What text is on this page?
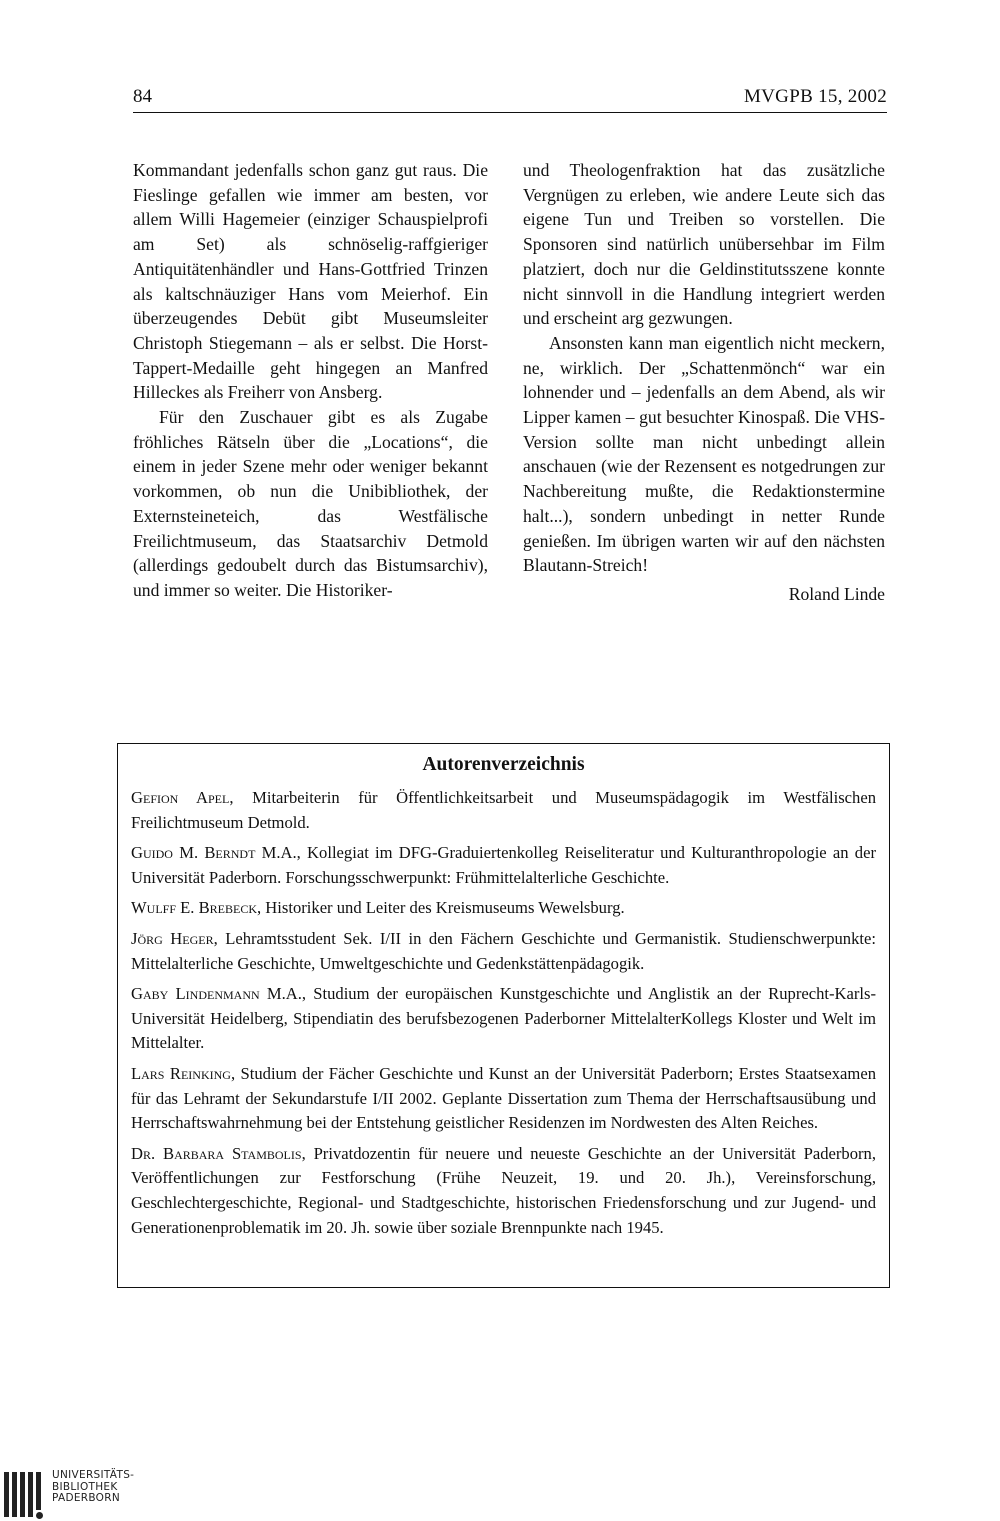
84	MVGPB 15, 2002

Kommandant jedenfalls schon ganz gut raus. Die Fieslinge gefallen wie immer am besten, vor allem Willi Hagemeier (einziger Schauspielprofi am Set) als schnöselig-raffgieriger Antiquitätenhändler und Hans-Gottfried Trinzen als kaltschnäuziger Hans vom Meierhof. Ein überzeugendes Debüt gibt Museumsleiter Christoph Stiegemann – als er selbst. Die Horst-Tappert-Medaille geht hingegen an Manfred Hilleckes als Freiherr von Ansberg.

Für den Zuschauer gibt es als Zugabe fröhliches Rätseln über die „Locations“, die einem in jeder Szene mehr oder weniger bekannt vorkommen, ob nun die Unibibliothek, der Externsteineteich, das Westfälische Freilichtmuseum, das Staatsarchiv Detmold (allerdings gedoubelt durch das Bistumsarchiv), und immer so weiter. Die Historiker-

und Theologenfraktion hat das zusätzliche Vergnügen zu erleben, wie andere Leute sich das eigene Tun und Treiben so vorstellen. Die Sponsoren sind natürlich unübersehbar im Film platziert, doch nur die Geldinstitutsszene konnte nicht sinnvoll in die Handlung integriert werden und erscheint arg gezwungen.

Ansonsten kann man eigentlich nicht meckern, ne, wirklich. Der „Schattenmönch“ war ein lohnender und – jedenfalls an dem Abend, als wir Lipper kamen – gut besuchter Kinospaß. Die VHS-Version sollte man nicht unbedingt allein anschauen (wie der Rezensent es notgedrungen zur Nachbereitung mußte, die Redaktionstermine halt...), sondern unbedingt in netter Runde genießen. Im übrigen warten wir auf den nächsten Blautann-Streich!

Roland Linde

Autorenverzeichnis

Gefion Apel, Mitarbeiterin für Öffentlichkeitsarbeit und Museumspädagogik im Westfälischen Freilichtmuseum Detmold.

Guido M. Berndt M.A., Kollegiat im DFG-Graduiertenkolleg Reiseliteratur und Kulturanthropologie an der Universität Paderborn. Forschungsschwerpunkt: Frühmittelalterliche Geschichte.

Wulff E. Brebeck, Historiker und Leiter des Kreismuseums Wewelsburg.

Jörg Heger, Lehramtsstudent Sek. I/II in den Fächern Geschichte und Germanistik. Studienschwerpunkte: Mittelalterliche Geschichte, Umweltgeschichte und Gedenkstättenpädagogik.

Gaby Lindenmann M.A., Studium der europäischen Kunstgeschichte und Anglistik an der Ruprecht-Karls-Universität Heidelberg, Stipendiatin des berufsbezogenen Paderborner MittelalterKollegs Kloster und Welt im Mittelalter.

Lars Reinking, Studium der Fächer Geschichte und Kunst an der Universität Paderborn; Erstes Staatsexamen für das Lehramt der Sekundarstufe I/II 2002. Geplante Dissertation zum Thema der Herrschaftsausübung und Herrschaftswahrnehmung bei der Entstehung geistlicher Residenzen im Nordwesten des Alten Reiches.

Dr. Barbara Stambolis, Privatdozentin für neuere und neueste Geschichte an der Universität Paderborn, Veröffentlichungen zur Festforschung (Frühe Neuzeit, 19. und 20. Jh.), Vereinsforschung, Geschlechtergeschichte, Regional- und Stadtgeschichte, historischen Friedensforschung und zur Jugend- und Generationenproblematik im 20. Jh. sowie über soziale Brennpunkte nach 1945.

UNIVERSITÄTS-
BIBLIOTHEK
PADERBORN
